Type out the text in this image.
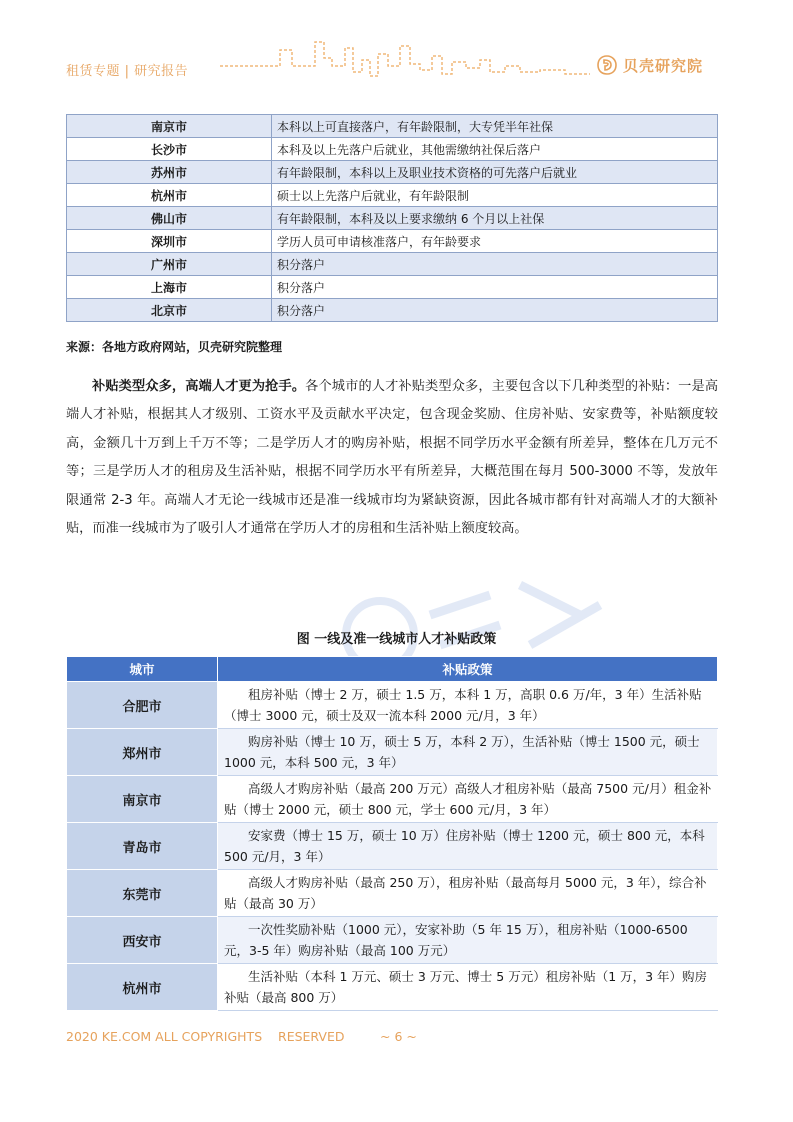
租赁专题 | 研究报告	贝壳研究院
南京市	本科以上可直接落户，有年龄限制，大专凭半年社保
长沙市	本科及以上先落户后就业，其他需缴纳社保后落户
苏州市	有年龄限制，本科以上及职业技术资格的可先落户后就业
杭州市	硕士以上先落户后就业，有年龄限制
佛山市	有年龄限制，本科及以上要求缴纳 6 个月以上社保
深圳市	学历人员可申请核准落户，有年龄要求
广州市	积分落户
上海市	积分落户
北京市	积分落户
来源：各地方政府网站，贝壳研究院整理

补贴类型众多，高端人才更为抢手。各个城市的人才补贴类型众多，主要包含以下几种类型的补贴：一是高端人才补贴，根据其人才级别、工资水平及贡献水平决定，包含现金奖励、住房补贴、安家费等，补贴额度较高，金额几十万到上千万不等；二是学历人才的购房补贴，根据不同学历水平金额有所差异，整体在几万元不等；三是学历人才的租房及生活补贴，根据不同学历水平有所差异，大概范围在每月 500-3000 不等，发放年限通常 2-3 年。高端人才无论一线城市还是准一线城市均为紧缺资源，因此各城市都有针对高端人才的大额补贴，而准一线城市为了吸引人才通常在学历人才的房租和生活补贴上额度较高。

图 一线及准一线城市人才补贴政策
城市	补贴政策
合肥市	租房补贴（博士 2 万，硕士 1.5 万，本科 1 万，高职 0.6 万/年，3 年）生活补贴（博士 3000 元，硕士及双一流本科 2000 元/月，3 年）
郑州市	购房补贴（博士 10 万，硕士 5 万，本科 2 万），生活补贴（博士 1500 元，硕士 1000 元，本科 500 元，3 年）
南京市	高级人才购房补贴（最高 200 万元）高级人才租房补贴（最高 7500 元/月）租金补贴（博士 2000 元，硕士 800 元，学士 600 元/月，3 年）
青岛市	安家费（博士 15 万，硕士 10 万）住房补贴（博士 1200 元，硕士 800 元，本科 500 元/月，3 年）
东莞市	高级人才购房补贴（最高 250 万），租房补贴（最高每月 5000 元，3 年），综合补贴（最高 30 万）
西安市	一次性奖励补贴（1000 元），安家补助（5 年 15 万），租房补贴（1000-6500 元，3-5 年）购房补贴（最高 100 万元）
杭州市	生活补贴（本科 1 万元、硕士 3 万元、博士 5 万元）租房补贴（1 万，3 年）购房补贴（最高 800 万）
2020 KE.COM ALL COPYRIGHTS    RESERVED	~ 6 ~
